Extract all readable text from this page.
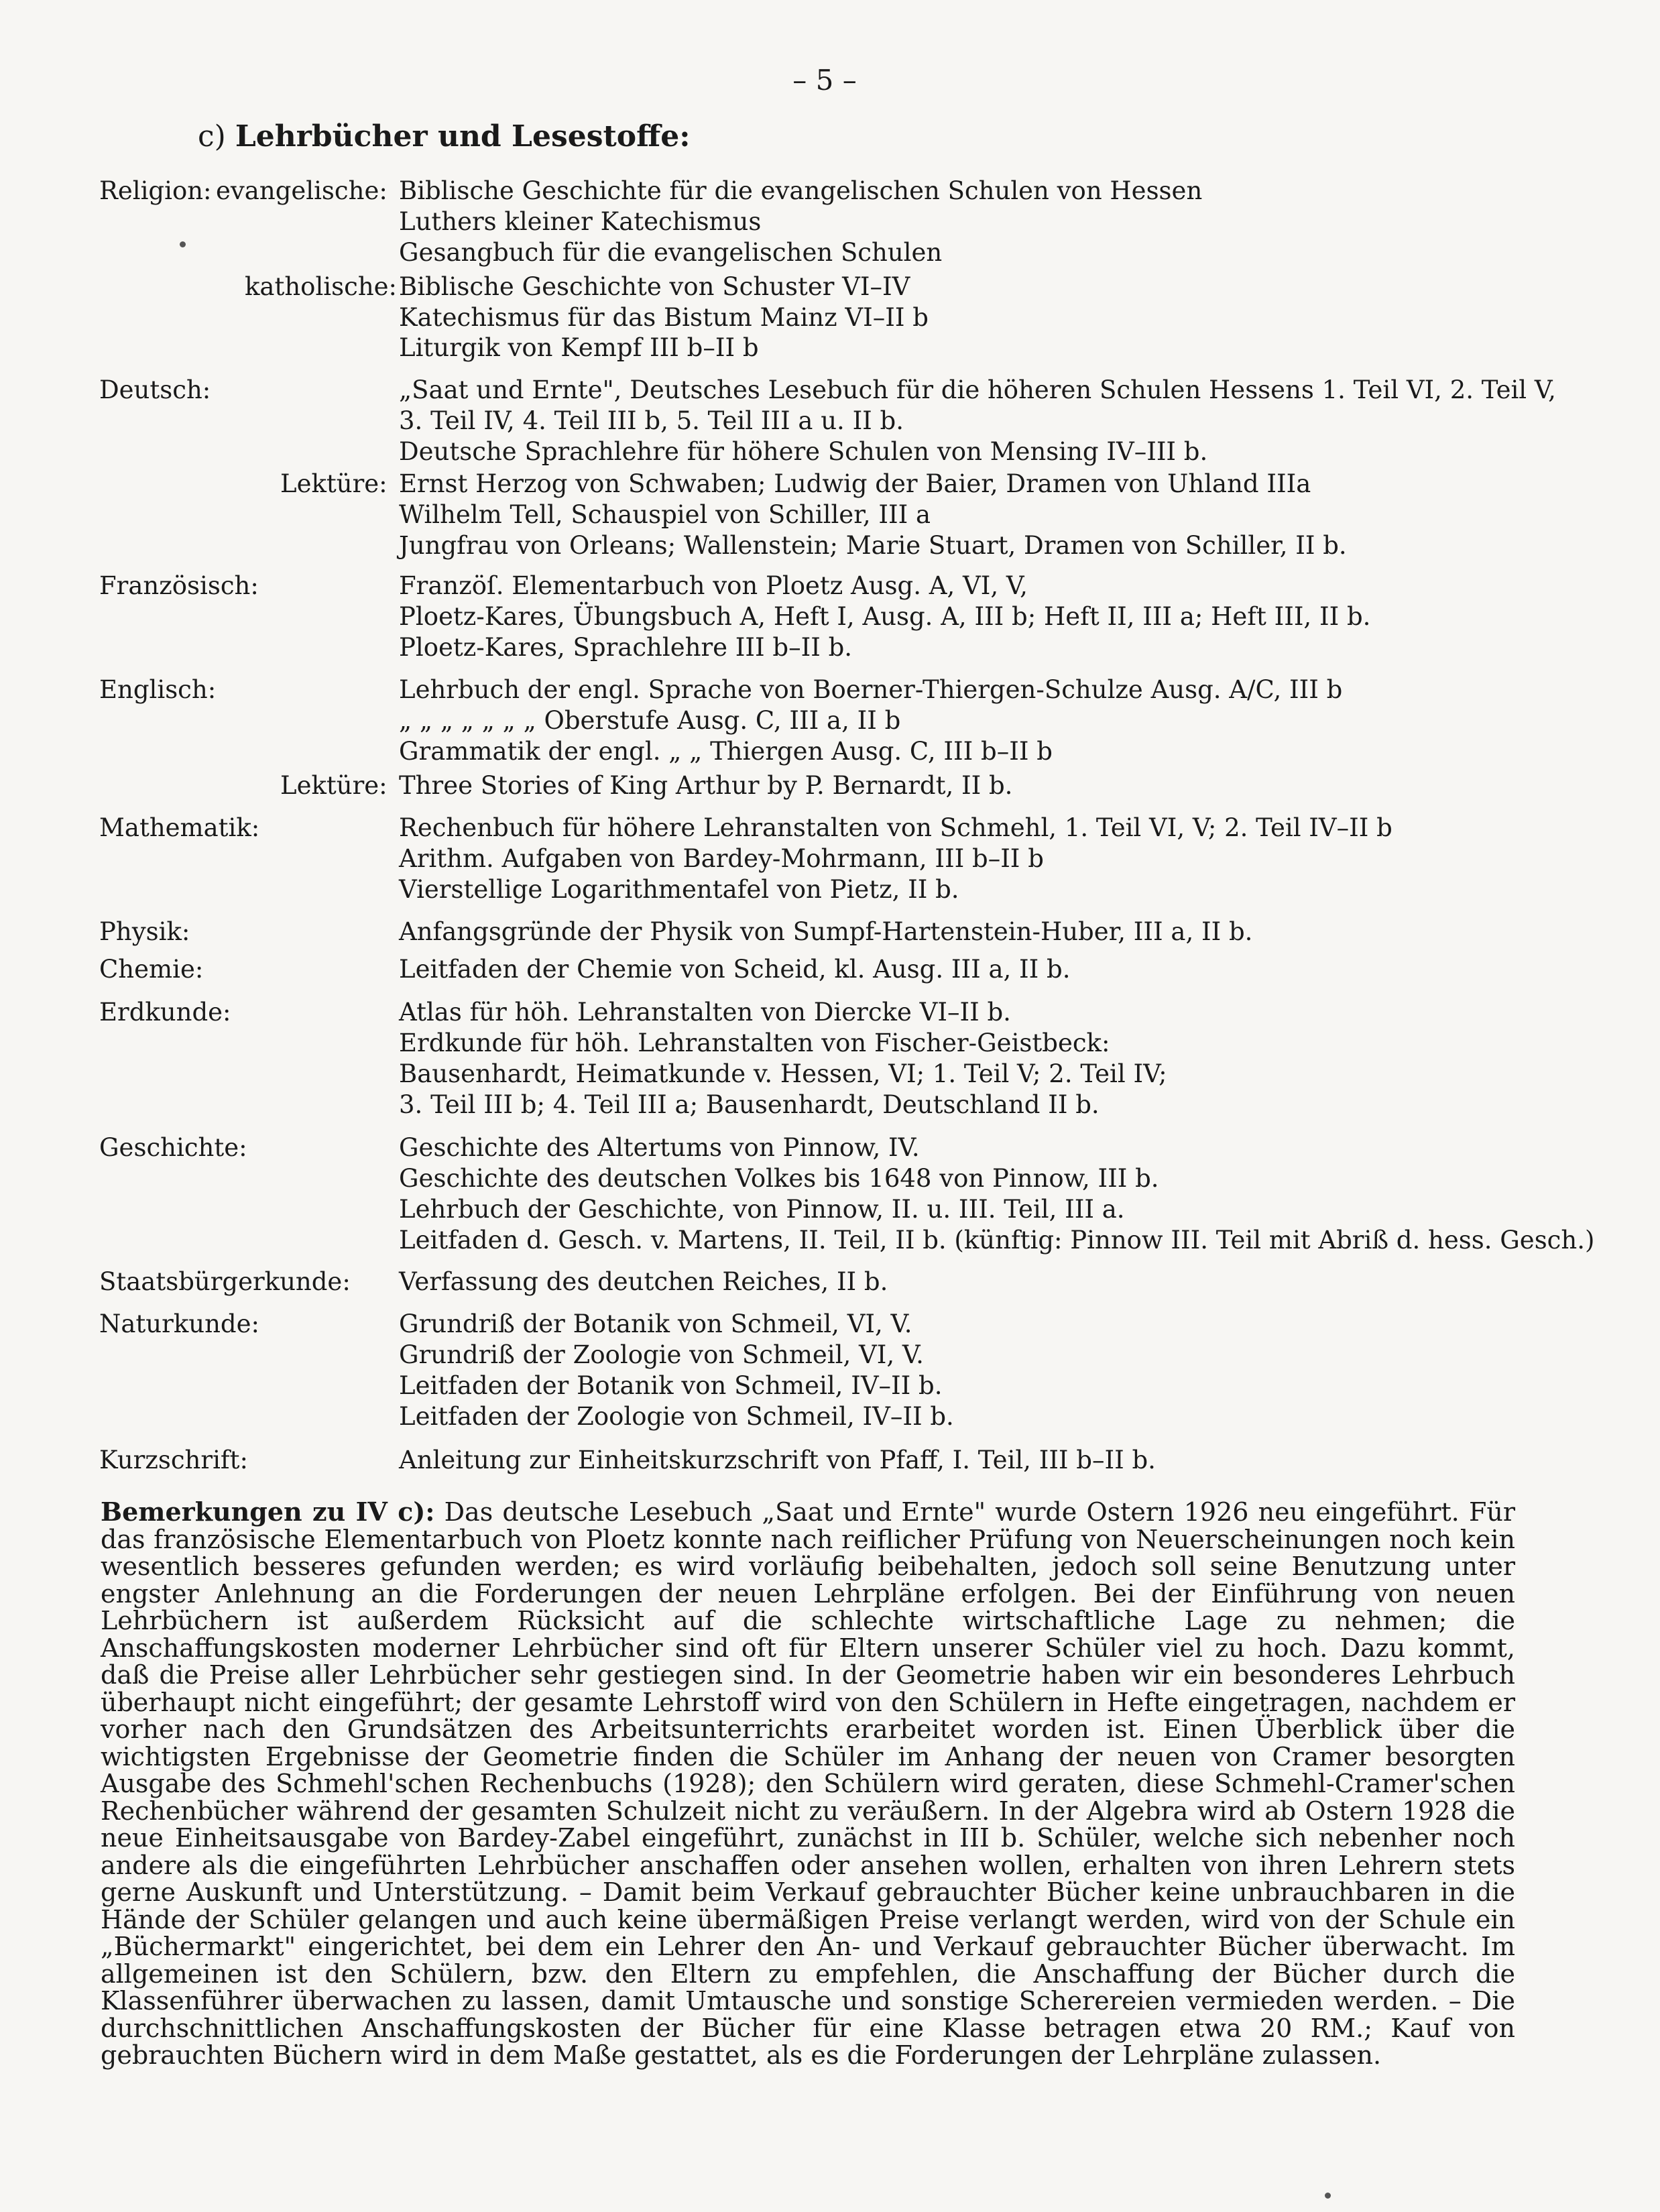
– 5 –
c) Lehrbücher und Lesestoffe:
Religion: evangelische: Biblische Geschichte für die evangelischen Schulen von Hessen
Luthers kleiner Katechismus
Gesangbuch für die evangelischen Schulen
katholische: Biblische Geschichte von Schuster VI–IV
Katechismus für das Bistum Mainz VI–II b
Liturgik von Kempf III b–II b
Deutsch:	„Saat und Ernte", Deutsches Lesebuch für die höheren Schulen Hessens 1. Teil VI, 2. Teil V,
3. Teil IV, 4. Teil III b, 5. Teil III a u. II b.
Deutsche Sprachlehre für höhere Schulen von Mensing IV–III b.
Lektüre: Ernst Herzog von Schwaben; Ludwig der Baier, Dramen von Uhland IIIa
Wilhelm Tell, Schauspiel von Schiller, III a
Jungfrau von Orleans; Wallenstein; Marie Stuart, Dramen von Schiller, II b.
Französisch:	Franzöſ. Elementarbuch von Ploetz Ausg. A, VI, V,
Ploetz-Kares, Übungsbuch A, Heft I, Ausg. A, III b; Heft II, III a; Heft III, II b.
Ploetz-Kares, Sprachlehre III b–II b.
Englisch:	Lehrbuch der engl. Sprache von Boerner-Thiergen-Schulze Ausg. A/C, III b
„ „ „ „ „ „ „ Oberstufe Ausg. C, III a, II b
Grammatik der engl. „ „ Thiergen Ausg. C, III b–II b
Lektüre: Three Stories of King Arthur by P. Bernardt, II b.
Mathematik:	Rechenbuch für höhere Lehranstalten von Schmehl, 1. Teil VI, V; 2. Teil IV–II b
Arithm. Aufgaben von Bardey-Mohrmann, III b–II b
Vierstellige Logarithmentafel von Pietz, II b.
Physik:	Anfangsgründe der Physik von Sumpf-Hartenstein-Huber, III a, II b.
Chemie:	Leitfaden der Chemie von Scheid, kl. Ausg. III a, II b.
Erdkunde:	Atlas für höh. Lehranstalten von Diercke VI–II b.
Erdkunde für höh. Lehranstalten von Fischer-Geistbeck:
Bausenhardt, Heimatkunde v. Hessen, VI; 1. Teil V; 2. Teil IV;
3. Teil III b; 4. Teil III a; Bausenhardt, Deutschland II b.
Geschichte:	Geschichte des Altertums von Pinnow, IV.
Geschichte des deutschen Volkes bis 1648 von Pinnow, III b.
Lehrbuch der Geschichte, von Pinnow, II. u. III. Teil, III a.
Leitfaden d. Gesch. v. Martens, II. Teil, II b. (künftig: Pinnow III. Teil mit Abriß d. hess. Gesch.)
Staatsbürgerkunde: Verfassung des deutchen Reiches, II b.
Naturkunde:	Grundriß der Botanik von Schmeil, VI, V.
Grundriß der Zoologie von Schmeil, VI, V.
Leitfaden der Botanik von Schmeil, IV–II b.
Leitfaden der Zoologie von Schmeil, IV–II b.
Kurzschrift:	Anleitung zur Einheitskurzschrift von Pfaff, I. Teil, III b–II b.
Bemerkungen zu IV c): Das deutsche Lesebuch „Saat und Ernte" wurde Ostern 1926 neu eingeführt. Für das französische Elementarbuch von Ploetz konnte nach reiflicher Prüfung von Neuerscheinungen noch kein wesentlich besseres gefunden werden; es wird vorläufig beibehalten, jedoch soll seine Benutzung unter engster Anlehnung an die Forderungen der neuen Lehrpläne erfolgen. Bei der Einführung von neuen Lehrbüchern ist außerdem Rücksicht auf die schlechte wirtschaftliche Lage zu nehmen; die Anschaffungskosten moderner Lehrbücher sind oft für Eltern unserer Schüler viel zu hoch. Dazu kommt, daß die Preise aller Lehrbücher sehr gestiegen sind. In der Geometrie haben wir ein besonderes Lehrbuch überhaupt nicht eingeführt; der gesamte Lehrstoff wird von den Schülern in Hefte eingetragen, nachdem er vorher nach den Grundsätzen des Arbeitsunterrichts erarbeitet worden ist. Einen Überblick über die wichtigsten Ergebnisse der Geometrie finden die Schüler im Anhang der neuen von Cramer besorgten Ausgabe des Schmehl'schen Rechenbuchs (1928); den Schülern wird geraten, diese Schmehl-Cramer'schen Rechenbücher während der gesamten Schulzeit nicht zu veräußern. In der Algebra wird ab Ostern 1928 die neue Einheitsausgabe von Bardey-Zabel eingeführt, zunächst in III b. Schüler, welche sich nebenher noch andere als die eingeführten Lehrbücher anschaffen oder ansehen wollen, erhalten von ihren Lehrern stets gerne Auskunft und Unterstützung. – Damit beim Verkauf gebrauchter Bücher keine unbrauchbaren in die Hände der Schüler gelangen und auch keine übermäßigen Preise verlangt werden, wird von der Schule ein „Büchermarkt" eingerichtet, bei dem ein Lehrer den An- und Verkauf gebrauchter Bücher überwacht. Im allgemeinen ist den Schülern, bzw. den Eltern zu empfehlen, die Anschaffung der Bücher durch die Klassenführer überwachen zu lassen, damit Umtausche und sonstige Scherereien vermieden werden. – Die durchschnittlichen Anschaffungskosten der Bücher für eine Klasse betragen etwa 20 RM.; Kauf von gebrauchten Büchern wird in dem Maße gestattet, als es die Forderungen der Lehrpläne zulassen.
